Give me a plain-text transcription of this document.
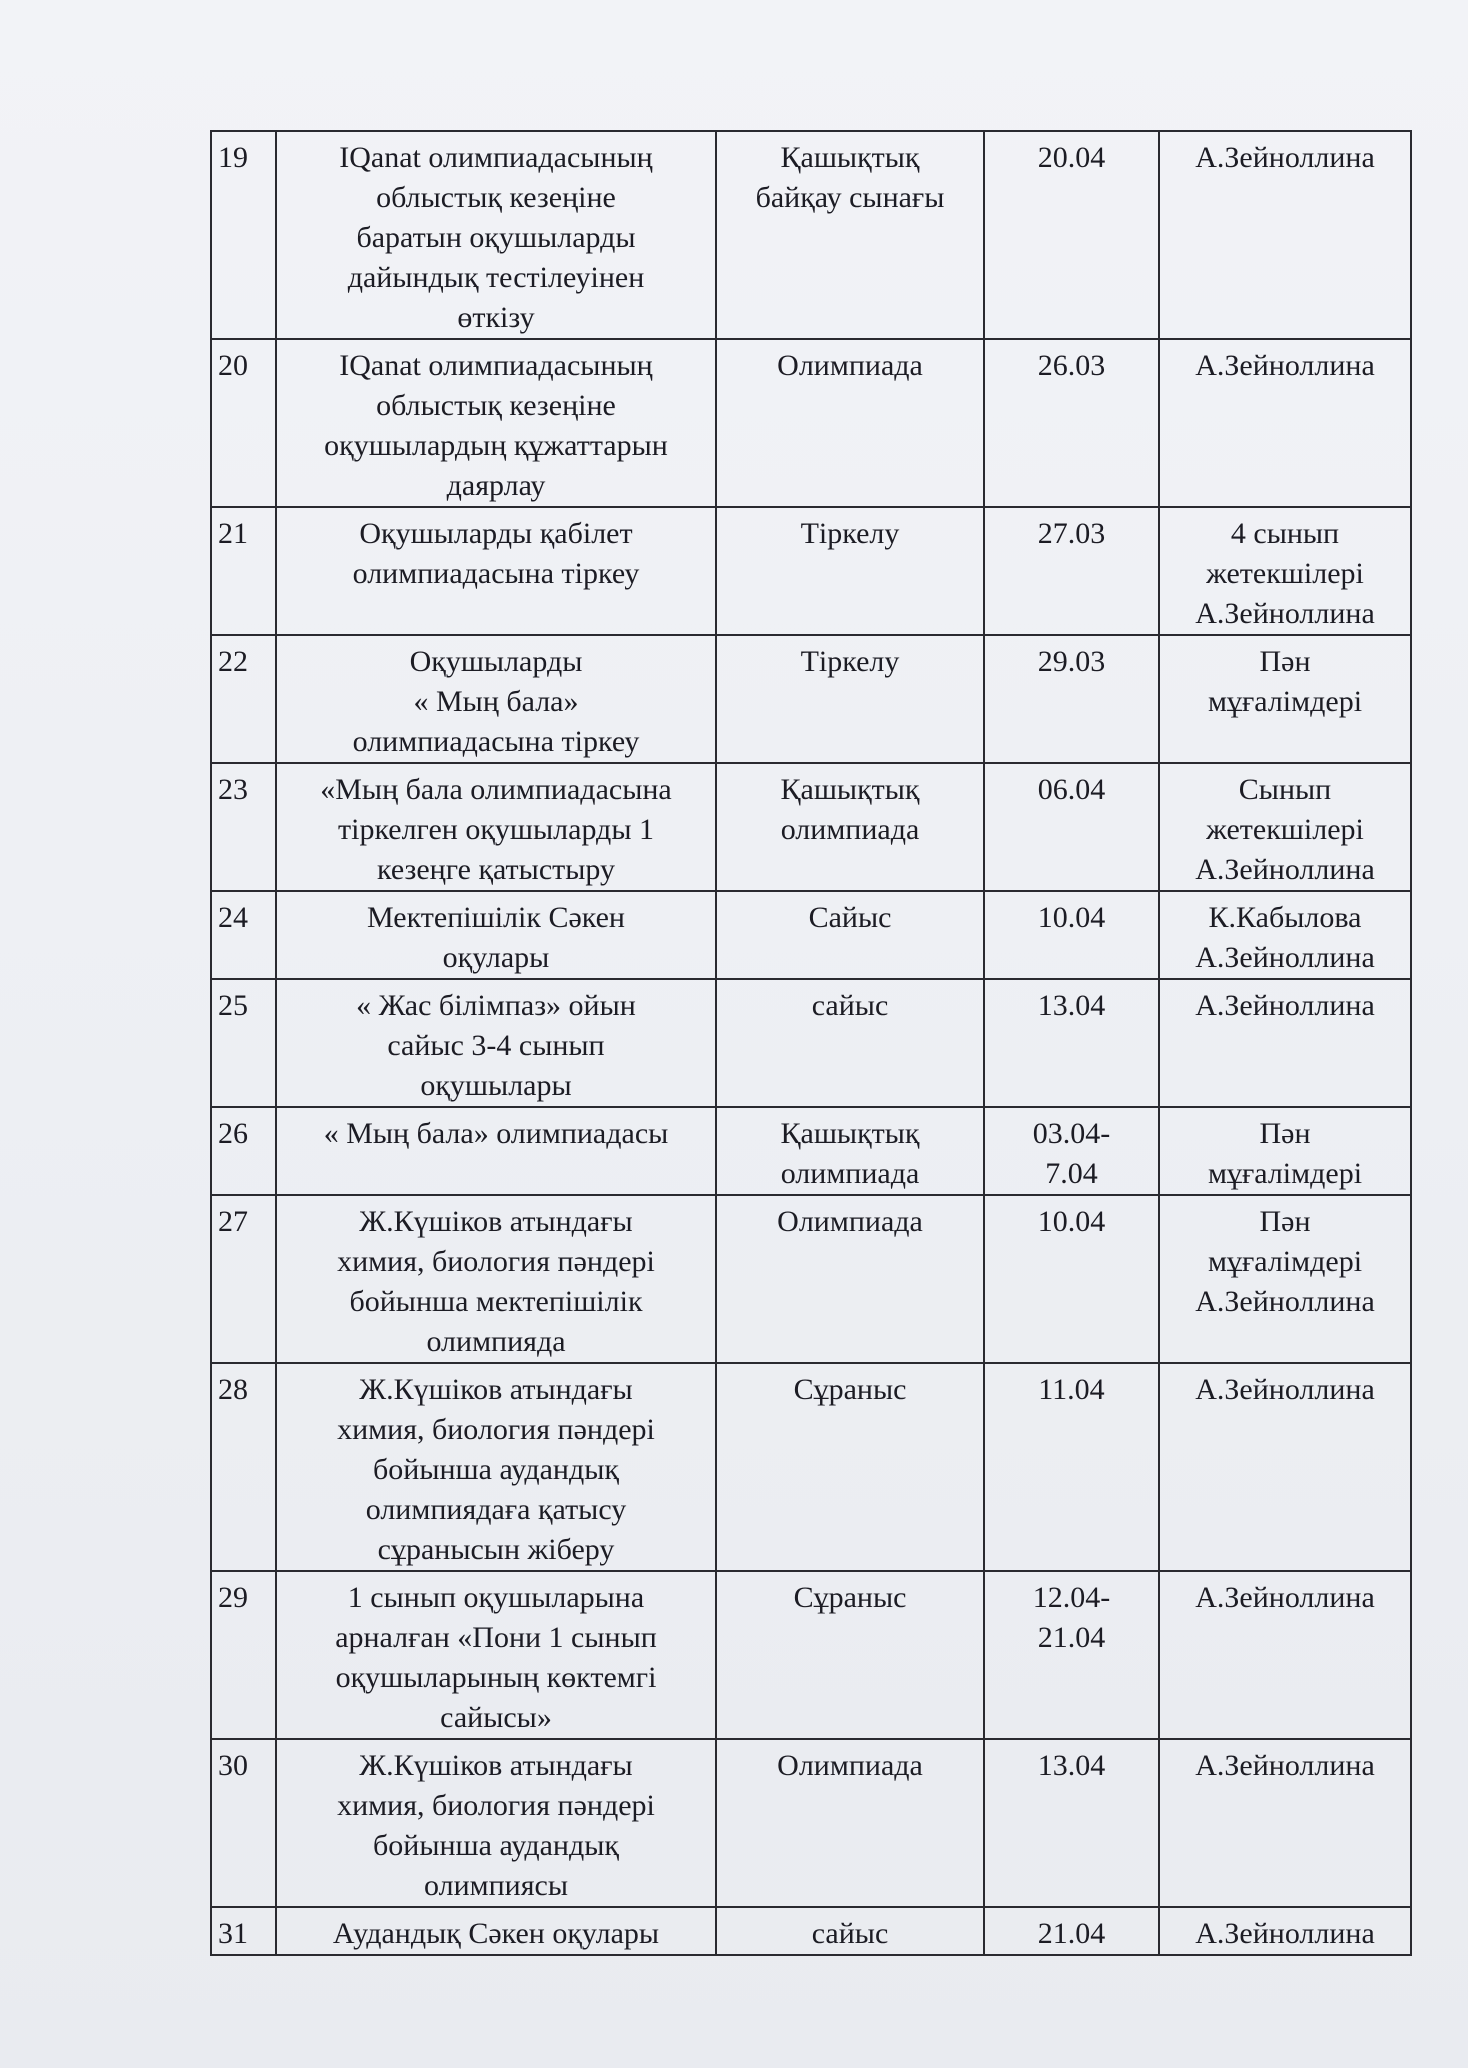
19	IQanat олимпиадасының
облыстық кезеңіне
баратын оқушыларды
дайындық тестілеуінен
өткізу	Қашықтық
байқау сынағы	20.04	А.Зейноллина
20	IQanat олимпиадасының
облыстық кезеңіне
оқушылардың құжаттарын
даярлау	Олимпиада	26.03	А.Зейноллина
21	Оқушыларды қабілет
олимпиадасына тіркеу	Тіркелу	27.03	4 сынып
жетекшілері
А.Зейноллина
22	Оқушыларды
« Мың бала»
олимпиадасына тіркеу	Тіркелу	29.03	Пән
мұғалімдері
23	«Мың бала олимпиадасына
тіркелген оқушыларды 1
кезеңге қатыстыру	Қашықтық
олимпиада	06.04	Сынып
жетекшілері
А.Зейноллина
24	Мектепішілік Сәкен
оқулары	Сайыс	10.04	К.Кабылова
А.Зейноллина
25	« Жас білімпаз» ойын
сайыс 3-4 сынып
оқушылары	сайыс	13.04	А.Зейноллина
26	« Мың бала» олимпиадасы	Қашықтық
олимпиада	03.04-
7.04	Пән
мұғалімдері
27	Ж.Күшіков атындағы
химия, биология пәндері
бойынша мектепішілік
олимпияда	Олимпиада	10.04	Пән
мұғалімдері
А.Зейноллина
28	Ж.Күшіков атындағы
химия, биология пәндері
бойынша аудандық
олимпиядаға қатысу
сұранысын жіберу	Сұраныс	11.04	А.Зейноллина
29	1 сынып оқушыларына
арналған «Пони 1 сынып
оқушыларының көктемгі
сайысы»	Сұраныс	12.04-
21.04	А.Зейноллина
30	Ж.Күшіков атындағы
химия, биология пәндері
бойынша аудандық
олимпиясы	Олимпиада	13.04	А.Зейноллина
31	Аудандық Сәкен оқулары	сайыс	21.04	А.Зейноллина
